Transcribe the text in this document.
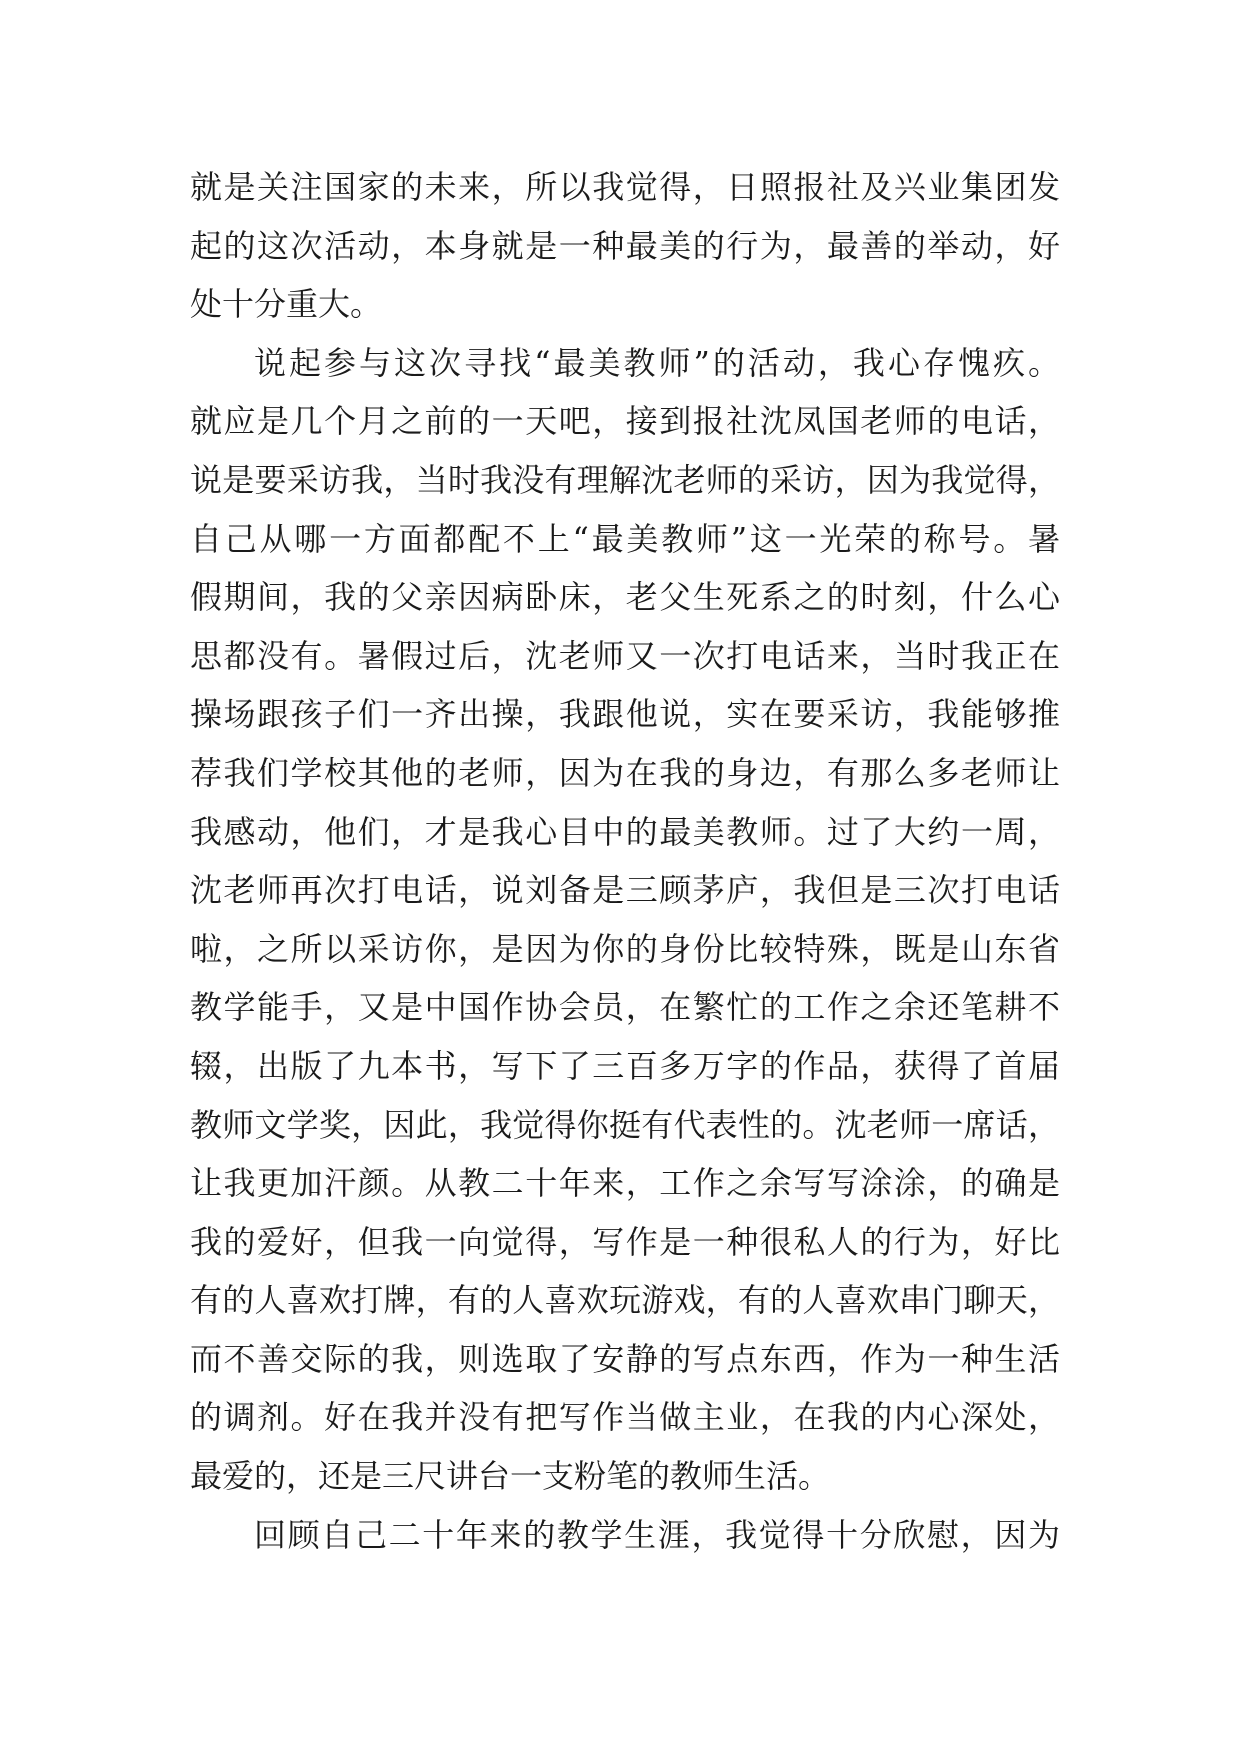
就是关注国家的未来，所以我觉得，日照报社及兴业集团发
起的这次活动，本身就是一种最美的行为，最善的举动，好
处十分重大。
说起参与这次寻找“最美教师”的活动，我心存愧疚。
就应是几个月之前的一天吧，接到报社沈凤国老师的电话，
说是要采访我，当时我没有理解沈老师的采访，因为我觉得，
自己从哪一方面都配不上“最美教师”这一光荣的称号。暑
假期间，我的父亲因病卧床，老父生死系之的时刻，什么心
思都没有。暑假过后，沈老师又一次打电话来，当时我正在
操场跟孩子们一齐出操，我跟他说，实在要采访，我能够推
荐我们学校其他的老师，因为在我的身边，有那么多老师让
我感动，他们，才是我心目中的最美教师。过了大约一周，
沈老师再次打电话，说刘备是三顾茅庐，我但是三次打电话
啦，之所以采访你，是因为你的身份比较特殊，既是山东省
教学能手，又是中国作协会员，在繁忙的工作之余还笔耕不
辍，出版了九本书，写下了三百多万字的作品，获得了首届
教师文学奖，因此，我觉得你挺有代表性的。沈老师一席话，
让我更加汗颜。从教二十年来，工作之余写写涂涂，的确是
我的爱好，但我一向觉得，写作是一种很私人的行为，好比
有的人喜欢打牌，有的人喜欢玩游戏，有的人喜欢串门聊天，
而不善交际的我，则选取了安静的写点东西，作为一种生活
的调剂。好在我并没有把写作当做主业，在我的内心深处，
最爱的，还是三尺讲台一支粉笔的教师生活。
回顾自己二十年来的教学生涯，我觉得十分欣慰，因为
